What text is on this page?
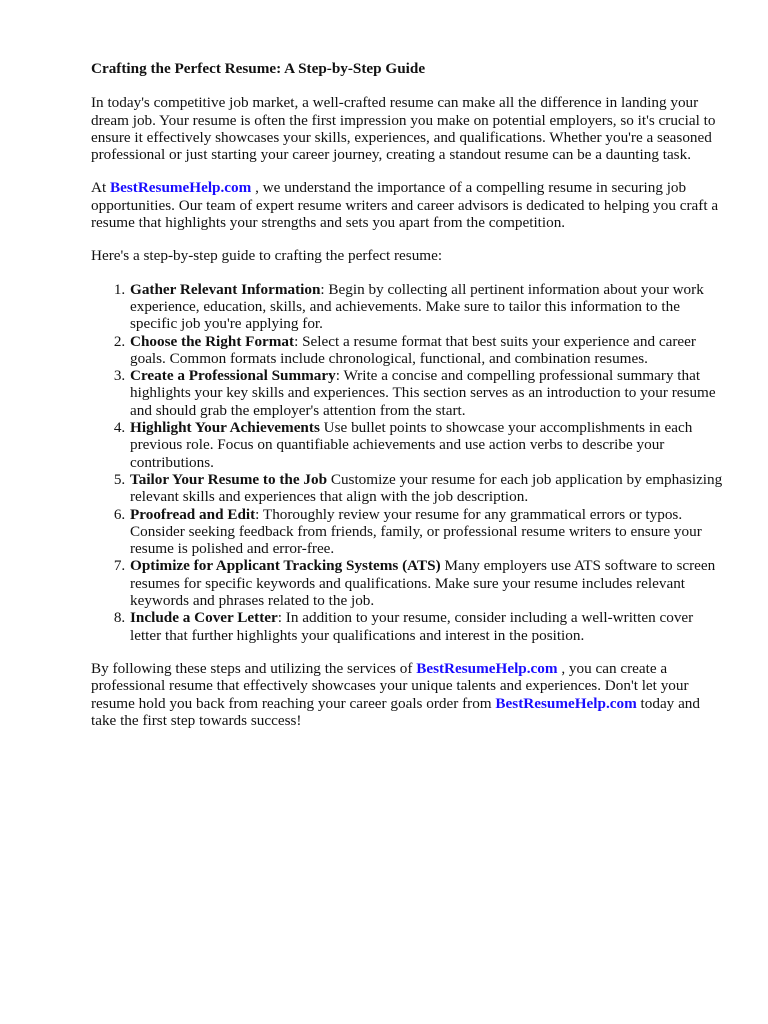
Crafting the Perfect Resume: A Step-by-Step Guide

In today's competitive job market, a well-crafted resume can make all the difference in landing your dream job. Your resume is often the first impression you make on potential employers, so it's crucial to ensure it effectively showcases your skills, experiences, and qualifications. Whether you're a seasoned professional or just starting your career journey, creating a standout resume can be a daunting task.

At BestResumeHelp.com , we understand the importance of a compelling resume in securing job opportunities. Our team of expert resume writers and career advisors is dedicated to helping you craft a resume that highlights your strengths and sets you apart from the competition.

Here's a step-by-step guide to crafting the perfect resume:

1. Gather Relevant Information: Begin by collecting all pertinent information about your work experience, education, skills, and achievements. Make sure to tailor this information to the specific job you're applying for.
2. Choose the Right Format: Select a resume format that best suits your experience and career goals. Common formats include chronological, functional, and combination resumes.
3. Create a Professional Summary: Write a concise and compelling professional summary that highlights your key skills and experiences. This section serves as an introduction to your resume and should grab the employer's attention from the start.
4. Highlight Your Achievements Use bullet points to showcase your accomplishments in each previous role. Focus on quantifiable achievements and use action verbs to describe your contributions.
5. Tailor Your Resume to the Job Customize your resume for each job application by emphasizing relevant skills and experiences that align with the job description.
6. Proofread and Edit: Thoroughly review your resume for any grammatical errors or typos. Consider seeking feedback from friends, family, or professional resume writers to ensure your resume is polished and error-free.
7. Optimize for Applicant Tracking Systems (ATS) Many employers use ATS software to screen resumes for specific keywords and qualifications. Make sure your resume includes relevant keywords and phrases related to the job.
8. Include a Cover Letter: In addition to your resume, consider including a well-written cover letter that further highlights your qualifications and interest in the position.

By following these steps and utilizing the services of BestResumeHelp.com , you can create a professional resume that effectively showcases your unique talents and experiences. Don't let your resume hold you back from reaching your career goals order from BestResumeHelp.com today and take the first step towards success!
